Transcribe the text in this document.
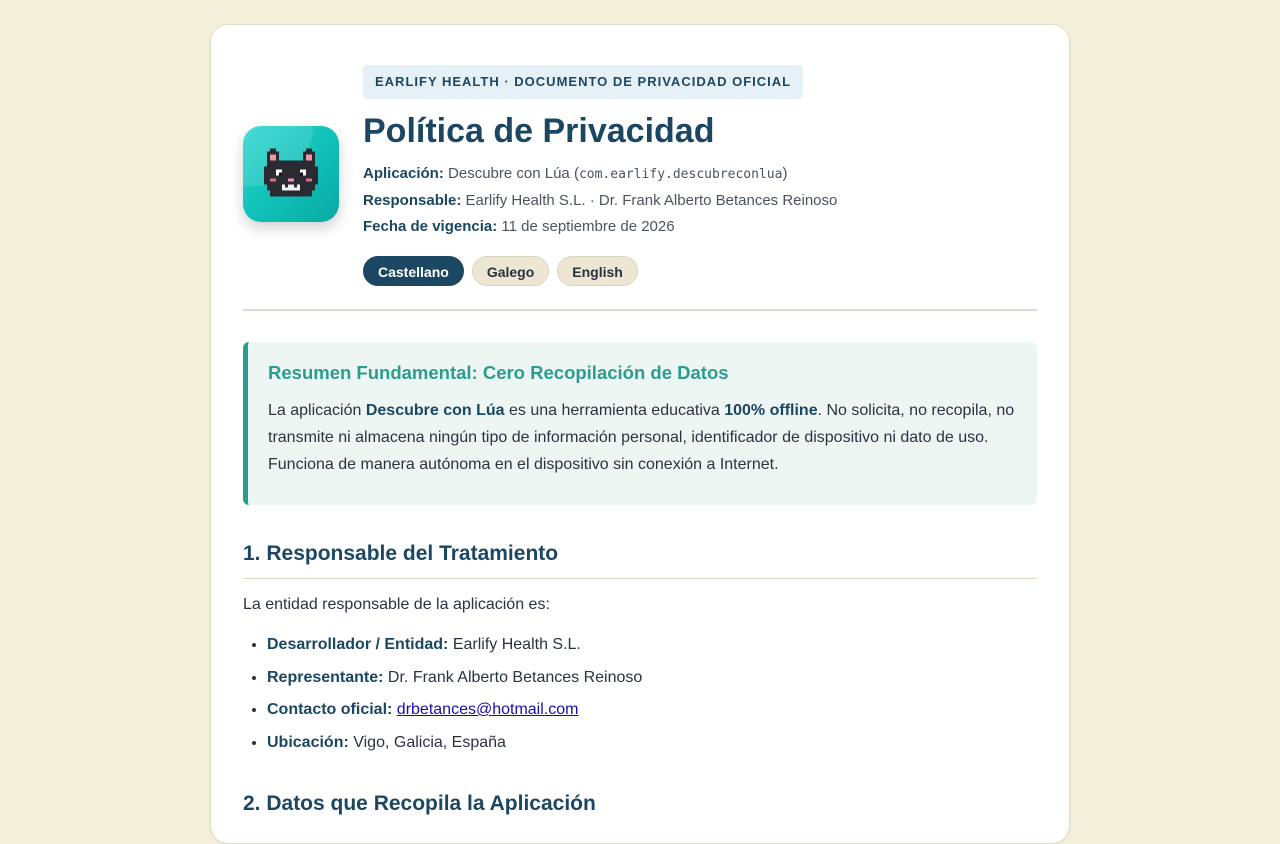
EARLIFY HEALTH · DOCUMENTO DE PRIVACIDAD OFICIAL
Política de Privacidad
Aplicación: Descubre con Lúa (com.earlify.descubreconlua)
Responsable: Earlify Health S.L. · Dr. Frank Alberto Betances Reinoso
Fecha de vigencia: 11 de septiembre de 2026
Castellano	Galego	English
Resumen Fundamental: Cero Recopilación de Datos

La aplicación Descubre con Lúa es una herramienta educativa 100% offline. No solicita, no recopila, no transmite ni almacena ningún tipo de información personal, identificador de dispositivo ni dato de uso. Funciona de manera autónoma en el dispositivo sin conexión a Internet.

1. Responsable del Tratamiento

La entidad responsable de la aplicación es:

• Desarrollador / Entidad: Earlify Health S.L.
• Representante: Dr. Frank Alberto Betances Reinoso
• Contacto oficial: drbetances@hotmail.com
• Ubicación: Vigo, Galicia, España
2. Datos que Recopila la Aplicación
